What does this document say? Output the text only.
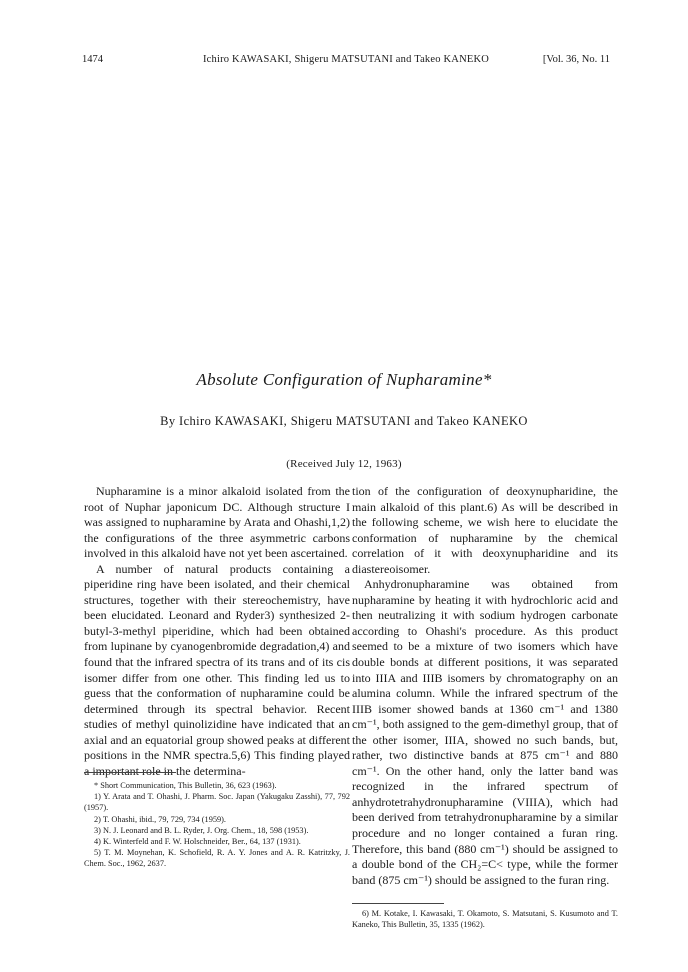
1474	Ichiro KAWASAKI, Shigeru MATSUTANI and Takeo KANEKO	[Vol. 36, No. 11
Absolute Configuration of Nupharamine*
By Ichiro KAWASAKI, Shigeru MATSUTANI and Takeo KANEKO
(Received July 12, 1963)

Nupharamine is a minor alkaloid isolated from the root of Nuphar japonicum DC. Although structure I was assigned to nupharamine by Arata and Ohashi,1,2) the configurations of the three asymmetric carbons involved in this alkaloid have not yet been ascertained.

A number of natural products containing a piperidine ring have been isolated, and their chemical structures, together with their stereochemistry, have been elucidated. Leonard and Ryder3) synthesized 2-butyl-3-methyl piperidine, which had been obtained from lupinane by cyanogenbromide degradation,4) and found that the infrared spectra of its trans and of its cis isomer differ from one other. This finding led us to guess that the conformation of nupharamine could be determined through its spectral behavior. Recent studies of methyl quinolizidine have indicated that an axial and an equatorial group showed peaks at different positions in the NMR spectra.5,6) This finding played a important role in the determina-

* Short Communication, This Bulletin, 36, 623 (1963).
1) Y. Arata and T. Ohashi, J. Pharm. Soc. Japan (Yakugaku Zasshi), 77, 792 (1957).
2) T. Ohashi, ibid., 79, 729, 734 (1959).
3) N. J. Leonard and B. L. Ryder, J. Org. Chem., 18, 598 (1953).
4) K. Winterfeld and F. W. Holschneider, Ber., 64, 137 (1931).
5) T. M. Moynehan, K. Schofield, R. A. Y. Jones and A. R. Katritzky, J. Chem. Soc., 1962, 2637.

tion of the configuration of deoxynupharidine, the main alkaloid of this plant.6) As will be described in the following scheme, we wish here to elucidate the conformation of nupharamine by the chemical correlation of it with deoxynupharidine and its diastereoisomer.

Anhydronupharamine was obtained from nupharamine by heating it with hydrochloric acid and then neutralizing it with sodium hydrogen carbonate according to Ohashi's procedure. As this product seemed to be a mixture of two isomers which have double bonds at different positions, it was separated into IIIA and IIIB isomers by chromatography on an alumina column. While the infrared spectrum of the IIIB isomer showed bands at 1360 cm⁻¹ and 1380 cm⁻¹, both assigned to the gem-dimethyl group, that of the other isomer, IIIA, showed no such bands, but, rather, two distinctive bands at 875 cm⁻¹ and 880 cm⁻¹. On the other hand, only the latter band was recognized in the infrared spectrum of anhydrotetrahydronupharamine (VIIIA), which had been derived from tetrahydronupharamine by a similar procedure and no longer contained a furan ring. Therefore, this band (880 cm⁻¹) should be assigned to a double bond of the CH₂=C< type, while the former band (875 cm⁻¹) should be assigned to the furan ring.

6) M. Kotake, I. Kawasaki, T. Okamoto, S. Matsutani, S. Kusumoto and T. Kaneko, This Bulletin, 35, 1335 (1962).
